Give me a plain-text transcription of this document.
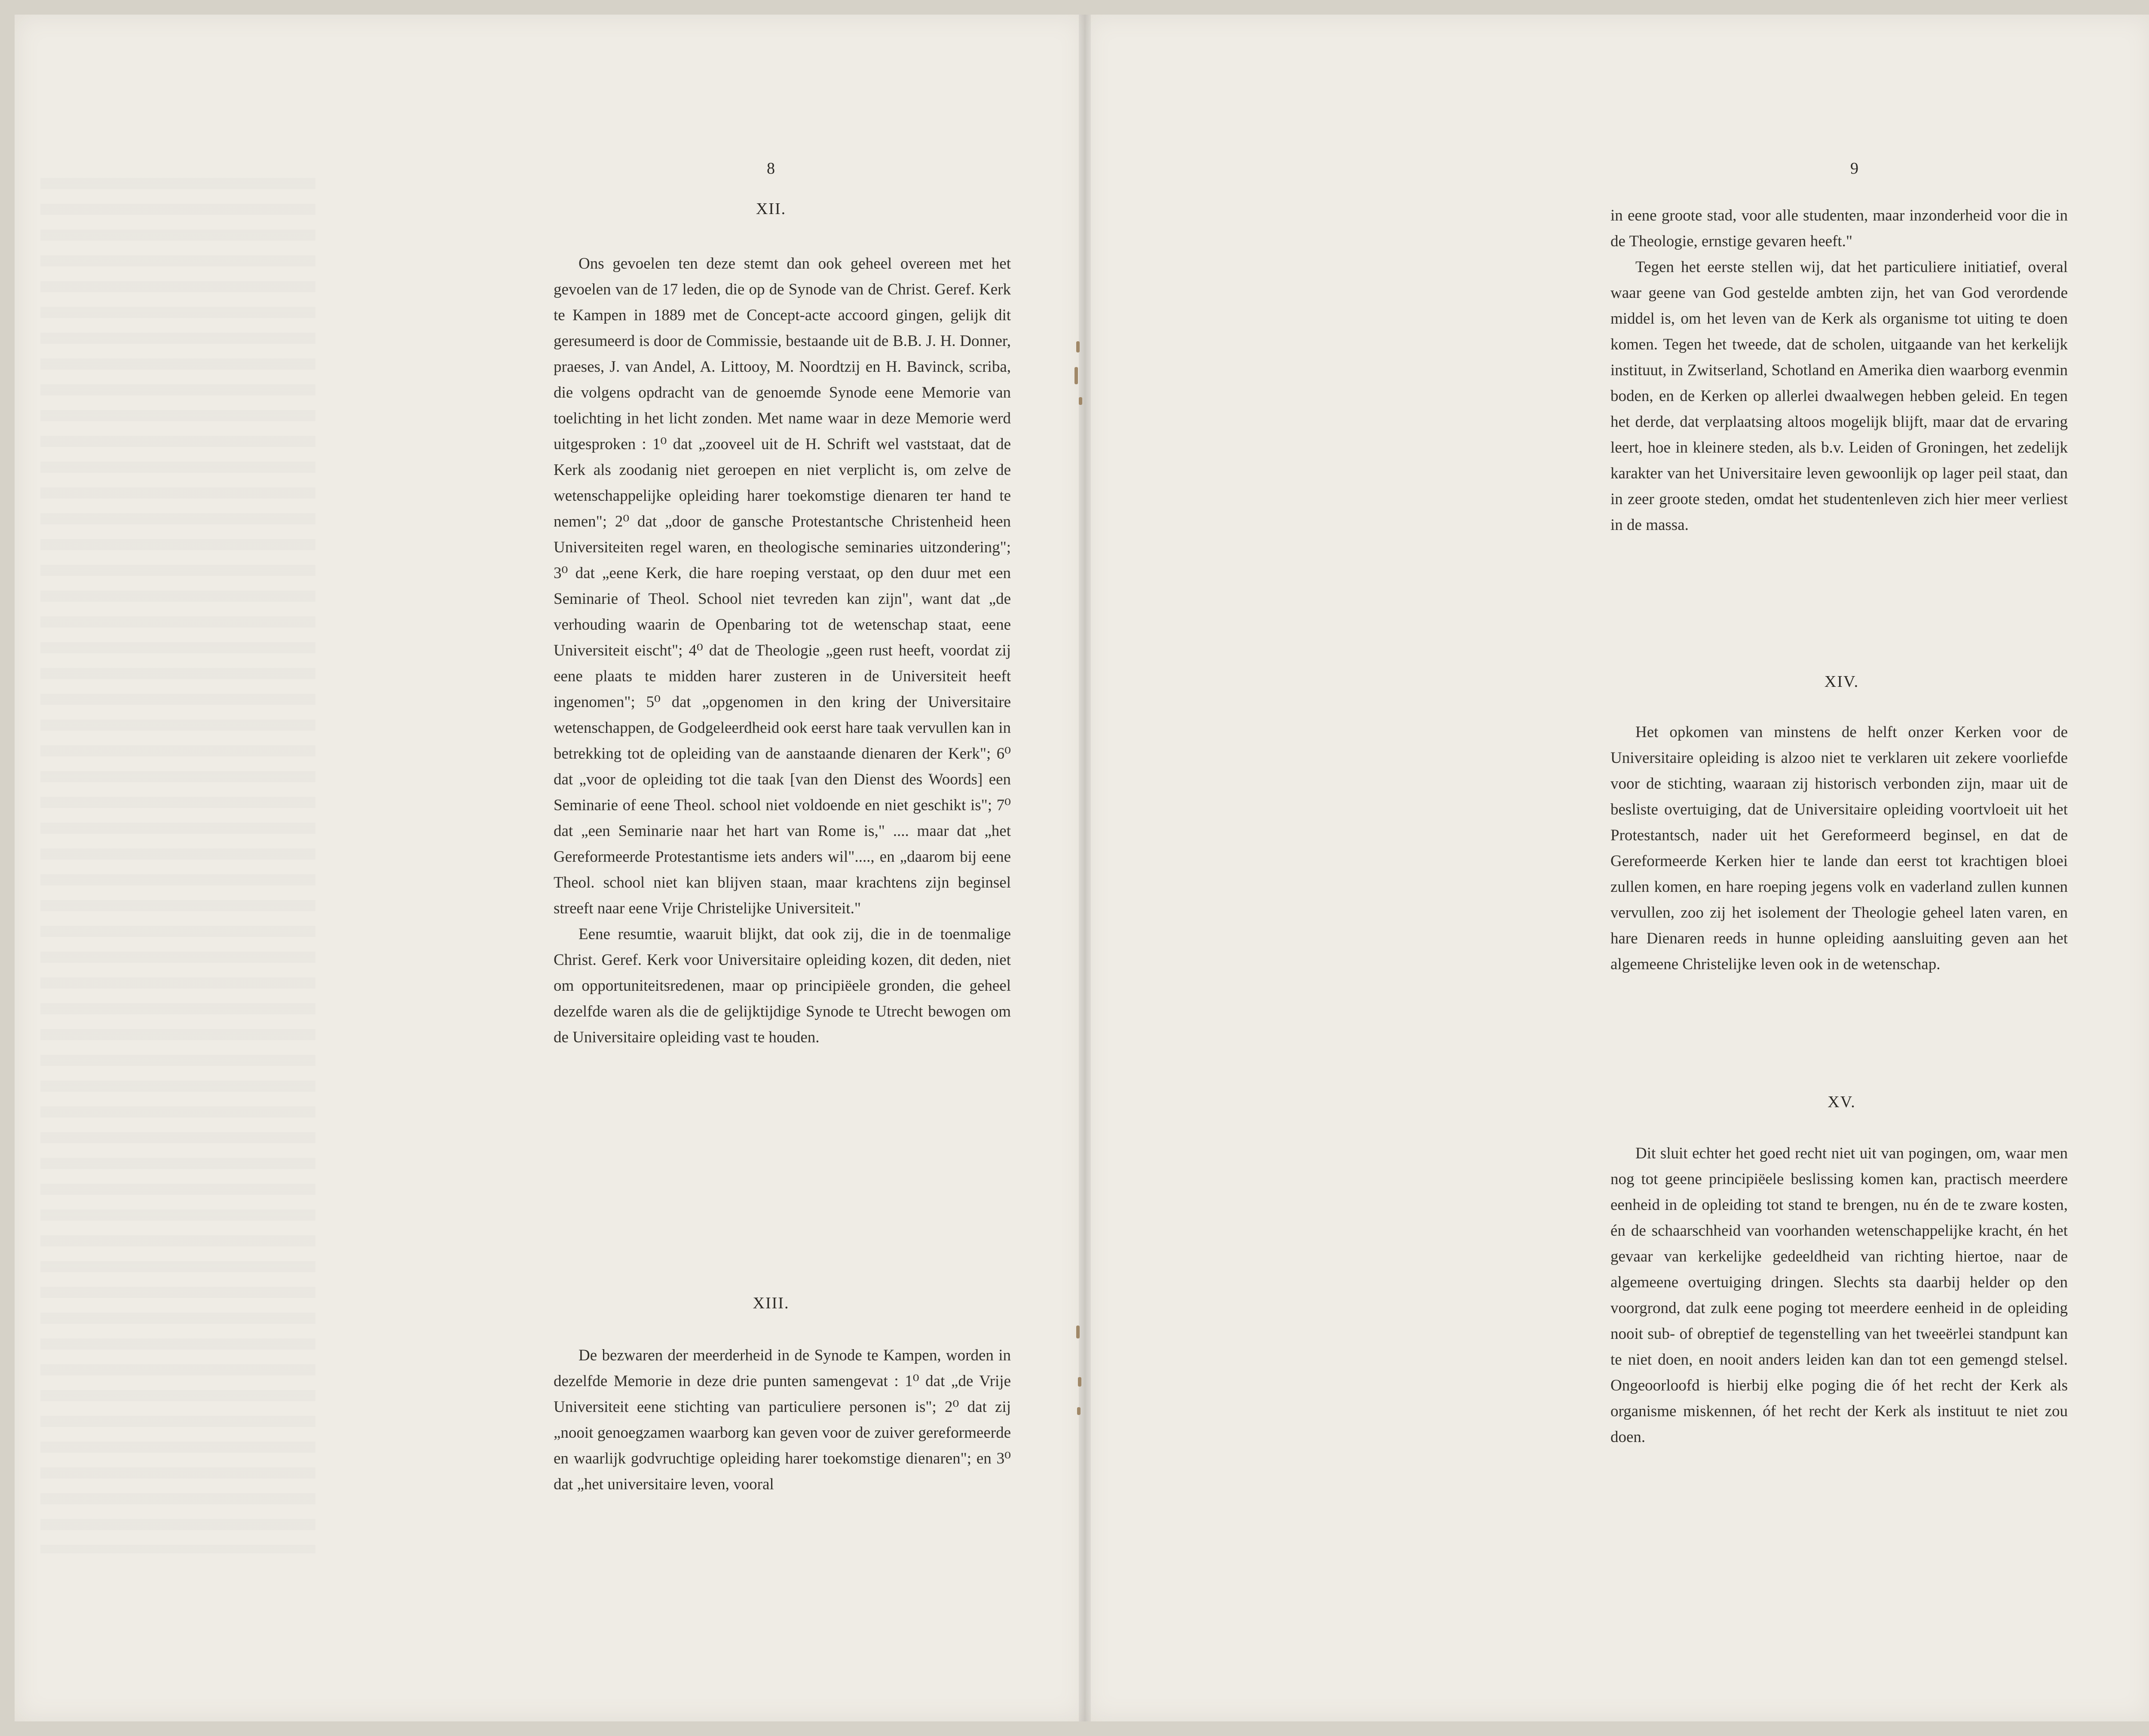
8
XII.

Ons gevoelen ten deze stemt dan ook geheel overeen met het gevoelen van de 17 leden, die op de Synode van de Christ. Geref. Kerk te Kampen in 1889 met de Concept-acte accoord gingen, gelijk dit geresumeerd is door de Commissie, bestaande uit de B.B. J. H. Donner, praeses, J. van Andel, A. Littooy, M. Noordtzij en H. Bavinck, scriba, die volgens opdracht van de genoemde Synode eene Memorie van toelichting in het licht zonden. Met name waar in deze Memorie werd uitgesproken : 1⁰ dat „zooveel uit de H. Schrift wel vaststaat, dat de Kerk als zoodanig niet geroepen en niet verplicht is, om zelve de wetenschappelijke opleiding harer toekomstige dienaren ter hand te nemen"; 2⁰ dat „door de gansche Protestantsche Christenheid heen Universiteiten regel waren, en theologische seminaries uitzondering"; 3⁰ dat „eene Kerk, die hare roeping verstaat, op den duur met een Seminarie of Theol. School niet tevreden kan zijn", want dat „de verhouding waarin de Openbaring tot de wetenschap staat, eene Universiteit eischt"; 4⁰ dat de Theologie „geen rust heeft, voordat zij eene plaats te midden harer zusteren in de Universiteit heeft ingenomen"; 5⁰ dat „opgenomen in den kring der Universitaire wetenschappen, de Godgeleerdheid ook eerst hare taak vervullen kan in betrekking tot de opleiding van de aanstaande dienaren der Kerk"; 6⁰ dat „voor de opleiding tot die taak [van den Dienst des Woords] een Seminarie of eene Theol. school niet voldoende en niet geschikt is"; 7⁰ dat „een Seminarie naar het hart van Rome is," .... maar dat „het Gereformeerde Protestantisme iets anders wil"...., en „daarom bij eene Theol. school niet kan blijven staan, maar krachtens zijn beginsel streeft naar eene Vrije Christelijke Universiteit."

Eene resumtie, waaruit blijkt, dat ook zij, die in de toenmalige Christ. Geref. Kerk voor Universitaire opleiding kozen, dit deden, niet om opportuniteitsredenen, maar op principiëele gronden, die geheel dezelfde waren als die de gelijktijdige Synode te Utrecht bewogen om de Universitaire opleiding vast te houden.

XIII.

De bezwaren der meerderheid in de Synode te Kampen, worden in dezelfde Memorie in deze drie punten samengevat : 1⁰ dat „de Vrije Universiteit eene stichting van particuliere personen is"; 2⁰ dat zij „nooit genoegzamen waarborg kan geven voor de zuiver gereformeerde en waarlijk godvruchtige opleiding harer toekomstige dienaren"; en 3⁰ dat „het universitaire leven, vooral

9

in eene groote stad, voor alle studenten, maar inzonderheid voor die in de Theologie, ernstige gevaren heeft."

Tegen het eerste stellen wij, dat het particuliere initiatief, overal waar geene van God gestelde ambten zijn, het van God verordende middel is, om het leven van de Kerk als organisme tot uiting te doen komen. Tegen het tweede, dat de scholen, uitgaande van het kerkelijk instituut, in Zwitserland, Schotland en Amerika dien waarborg evenmin boden, en de Kerken op allerlei dwaalwegen hebben geleid. En tegen het derde, dat verplaatsing altoos mogelijk blijft, maar dat de ervaring leert, hoe in kleinere steden, als b.v. Leiden of Groningen, het zedelijk karakter van het Universitaire leven gewoonlijk op lager peil staat, dan in zeer groote steden, omdat het studentenleven zich hier meer verliest in de massa.

XIV.

Het opkomen van minstens de helft onzer Kerken voor de Universitaire opleiding is alzoo niet te verklaren uit zekere voorliefde voor de stichting, waaraan zij historisch verbonden zijn, maar uit de besliste overtuiging, dat de Universitaire opleiding voortvloeit uit het Protestantsch, nader uit het Gereformeerd beginsel, en dat de Gereformeerde Kerken hier te lande dan eerst tot krachtigen bloei zullen komen, en hare roeping jegens volk en vaderland zullen kunnen vervullen, zoo zij het isolement der Theologie geheel laten varen, en hare Dienaren reeds in hunne opleiding aansluiting geven aan het algemeene Christelijke leven ook in de wetenschap.

XV.

Dit sluit echter het goed recht niet uit van pogingen, om, waar men nog tot geene principiëele beslissing komen kan, practisch meerdere eenheid in de opleiding tot stand te brengen, nu én de te zware kosten, én de schaarschheid van voorhanden wetenschappelijke kracht, én het gevaar van kerkelijke gedeeldheid van richting hiertoe, naar de algemeene overtuiging dringen. Slechts sta daarbij helder op den voorgrond, dat zulk eene poging tot meerdere eenheid in de opleiding nooit sub- of obreptief de tegenstelling van het tweeërlei standpunt kan te niet doen, en nooit anders leiden kan dan tot een gemengd stelsel. Ongeoorloofd is hierbij elke poging die óf het recht der Kerk als organisme miskennen, óf het recht der Kerk als instituut te niet zou doen.
